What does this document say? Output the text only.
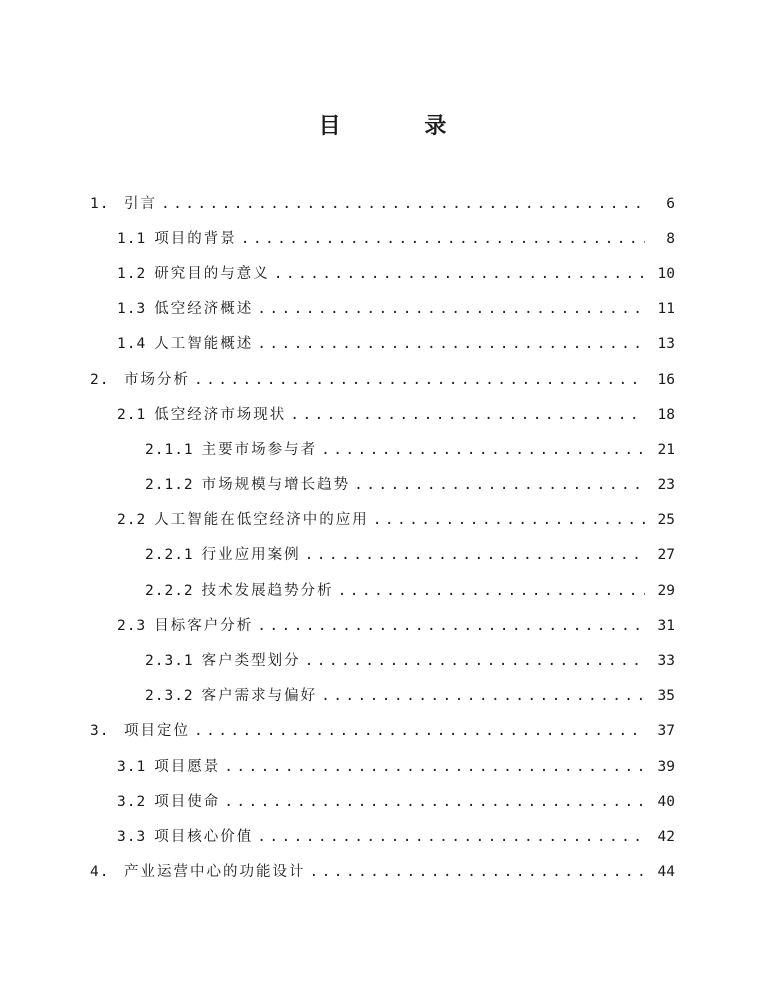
目 录
1.	引言 .....	6
1.1 项目的背景 .....	8
1.2 研究目的与意义 .....	10
1.3 低空经济概述 .....	11
1.4 人工智能概述 .....	13
2.	市场分析 .....	16
2.1 低空经济市场现状 .....	18
2.1.1 主要市场参与者 .....	21
2.1.2 市场规模与增长趋势 .....	23
2.2 人工智能在低空经济中的应用 .....	25
2.2.1 行业应用案例 .....	27
2.2.2 技术发展趋势分析 .....	29
2.3 目标客户分析 .....	31
2.3.1 客户类型划分 .....	33
2.3.2 客户需求与偏好 .....	35
3.	项目定位 .....	37
3.1 项目愿景 .....	39
3.2 项目使命 .....	40
3.3 项目核心价值 .....	42
4.	产业运营中心的功能设计 .....	44
